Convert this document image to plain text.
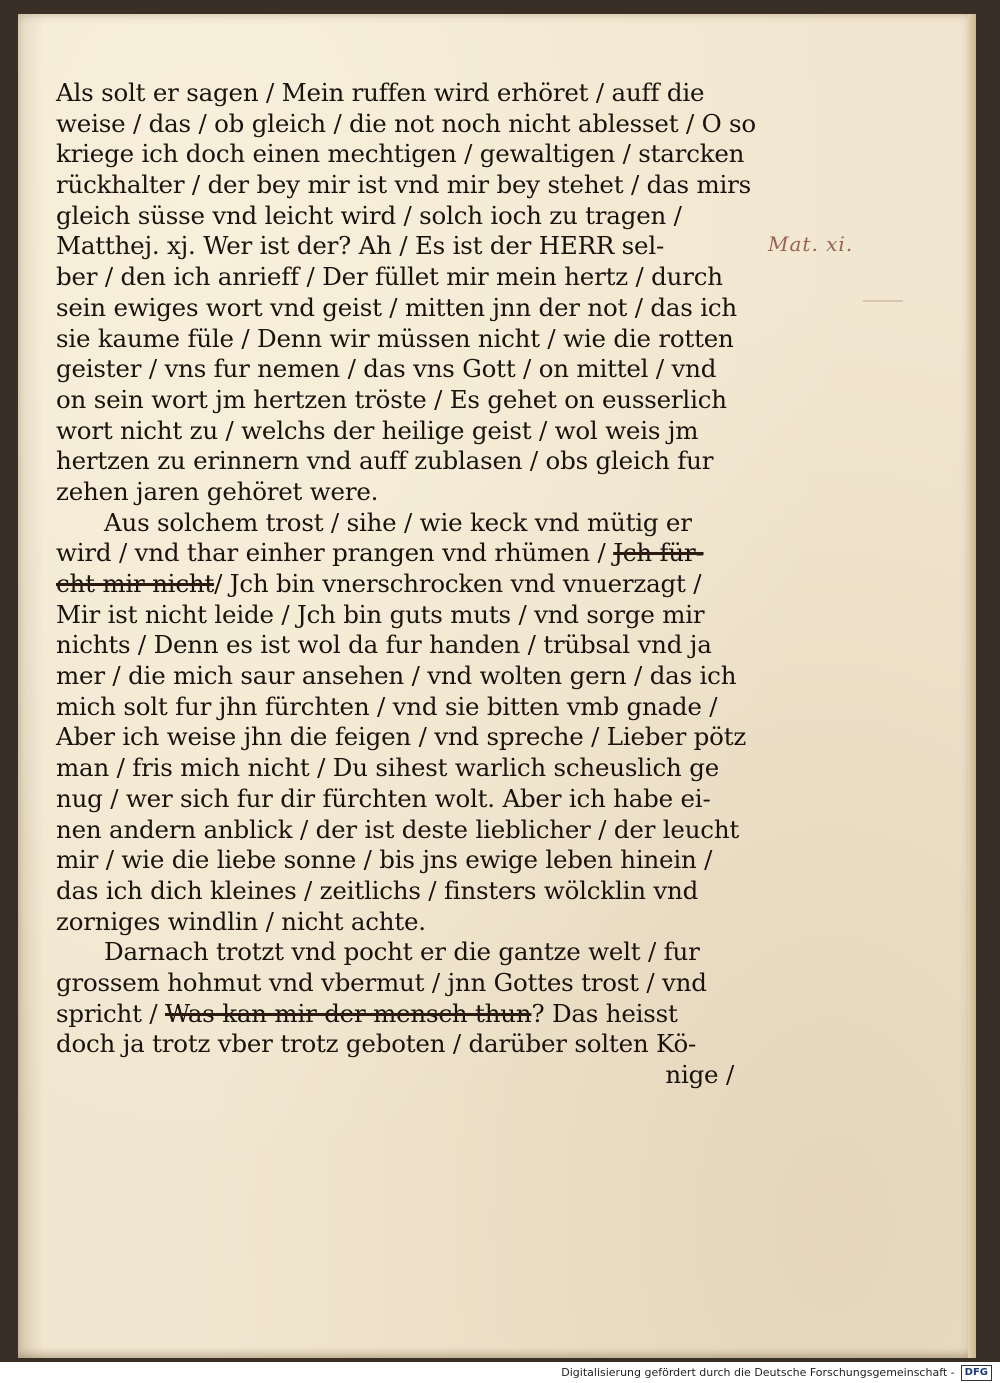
Als solt er sagen / Mein ruffen wird erhöret / auff die
weise / das / ob gleich / die not noch nicht ablesset / O so
kriege ich doch einen mechtigen / gewaltigen / starcken
rückhalter / der bey mir ist vnd mir bey stehet / das mirs
gleich süsse vnd leicht wird / solch ioch zu tragen /
Matthej. xj. Wer ist der? Ah / Es ist der HERR sel-
ber / den ich anrieff / Der füllet mir mein hertz / durch
sein ewiges wort vnd geist / mitten jnn der not / das ich
sie kaume füle / Denn wir müssen nicht / wie die rotten
geister / vns fur nemen / das vns Gott / on mittel / vnd
on sein wort jm hertzen tröste / Es gehet on eusserlich
wort nicht zu / welchs der heilige geist / wol weis jm
hertzen zu erinnern vnd auff zublasen / obs gleich fur
zehen jaren gehöret were.
Aus solchem trost / sihe / wie keck vnd mütig er
wird / vnd thar einher prangen vnd rhümen / Jch für-
cht mir nicht/ Jch bin vnerschrocken vnd vnuerzagt /
Mir ist nicht leide / Jch bin guts muts / vnd sorge mir
nichts / Denn es ist wol da fur handen / trübsal vnd ja
mer / die mich saur ansehen / vnd wolten gern / das ich
mich solt fur jhn fürchten / vnd sie bitten vmb gnade /
Aber ich weise jhn die feigen / vnd spreche / Lieber pötz
man / fris mich nicht / Du sihest warlich scheuslich ge
nug / wer sich fur dir fürchten wolt. Aber ich habe ei-
nen andern anblick / der ist deste lieblicher / der leucht
mir / wie die liebe sonne / bis jns ewige leben hinein /
das ich dich kleines / zeitlichs / finsters wölcklin vnd
zorniges windlin / nicht achte.
Darnach trotzt vnd pocht er die gantze welt / fur
grossem hohmut vnd vbermut / jnn Gottes trost / vnd
spricht / Was kan mir der mensch thun? Das heisst
doch ja trotz vber trotz geboten / darüber solten Kö-
nige /
Mat. xi.
Digitalisierung gefördert durch die Deutsche Forschungsgemeinschaft -	DFG
